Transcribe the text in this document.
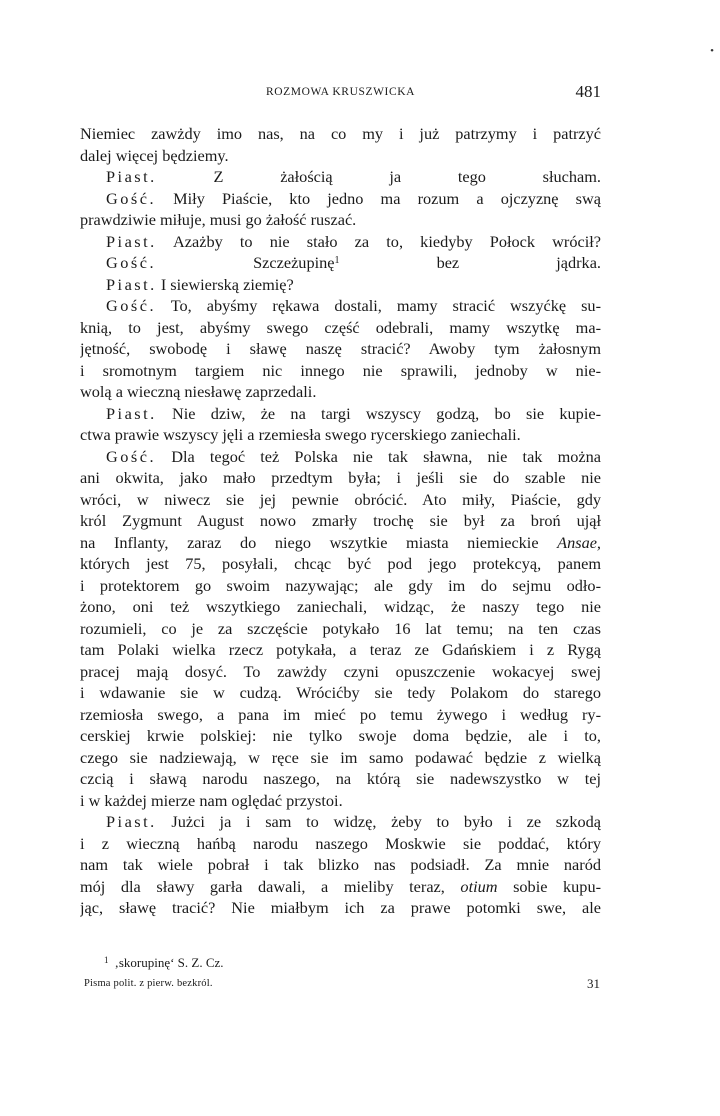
•
ROZMOWA KRUSZWICKA	481
Niemiec zawżdy imo nas, na co my i już patrzymy i patrzyć
dalej więcej będziemy.
Piast. Z żałością ja tego słucham.
Gość. Miły Piaście, kto jedno ma rozum a ojczyznę swą
prawdziwie miłuje, musi go żałość ruszać.
Piast. Azażby to nie stało za to, kiedyby Połock wrócił?
Gość. Szczeżupinę$^1$ bez jądrka.
Piast. I siewierską ziemię?
Gość. To, abyśmy rękawa dostali, mamy stracić wszyćkę su-
knią, to jest, abyśmy swego część odebrali, mamy wszytkę ma-
jętność, swobodę i sławę naszę stracić? Awoby tym żałosnym
i sromotnym targiem nic innego nie sprawili, jednoby w nie-
wolą a wieczną niesławę zaprzedali.
Piast. Nie dziw, że na targi wszyscy godzą, bo sie kupie-
ctwa prawie wszyscy jęli a rzemiesła swego rycerskiego zaniechali.
Gość. Dla tegoć też Polska nie tak sławna, nie tak można
ani okwita, jako mało przedtym była; i jeśli sie do szable nie
wróci, w niwecz sie jej pewnie obrócić. Ato miły, Piaście, gdy
król Zygmunt August nowo zmarły trochę sie był za broń ujął
na Inflanty, zaraz do niego wszytkie miasta niemieckie Ansae,
których jest 75, posyłali, chcąc być pod jego protekcyą, panem
i protektorem go swoim nazywając; ale gdy im do sejmu odło-
żono, oni też wszytkiego zaniechali, widząc, że naszy tego nie
rozumieli, co je za szczęście potykało 16 lat temu; na ten czas
tam Polaki wielka rzecz potykała, a teraz ze Gdańskiem i z Rygą
pracej mają dosyć. To zawżdy czyni opuszczenie wokacyej swej
i wdawanie sie w cudzą. Wrócićby sie tedy Polakom do starego
rzemiosła swego, a pana im mieć po temu żywego i według ry-
cerskiej krwie polskiej: nie tylko swoje doma będzie, ale i to,
czego sie nadziewają, w ręce sie im samo podawać będzie z wielką
czcią i sławą narodu naszego, na którą sie nadewszystko w tej
i w każdej mierze nam oględać przystoi.
Piast. Jużci ja i sam to widzę, żeby to było i ze szkodą
i z wieczną hańbą narodu naszego Moskwie sie poddać, który
nam tak wiele pobrał i tak blizko nas podsiadł. Za mnie naród
mój dla sławy garła dawali, a mieliby teraz, otium sobie kupu-
jąc, sławę tracić? Nie miałbym ich za prawe potomki swe, ale
$^1$ ‚skorupinę‘ S. Z. Cz.
Pisma polit. z pierw. bezkról.	31
